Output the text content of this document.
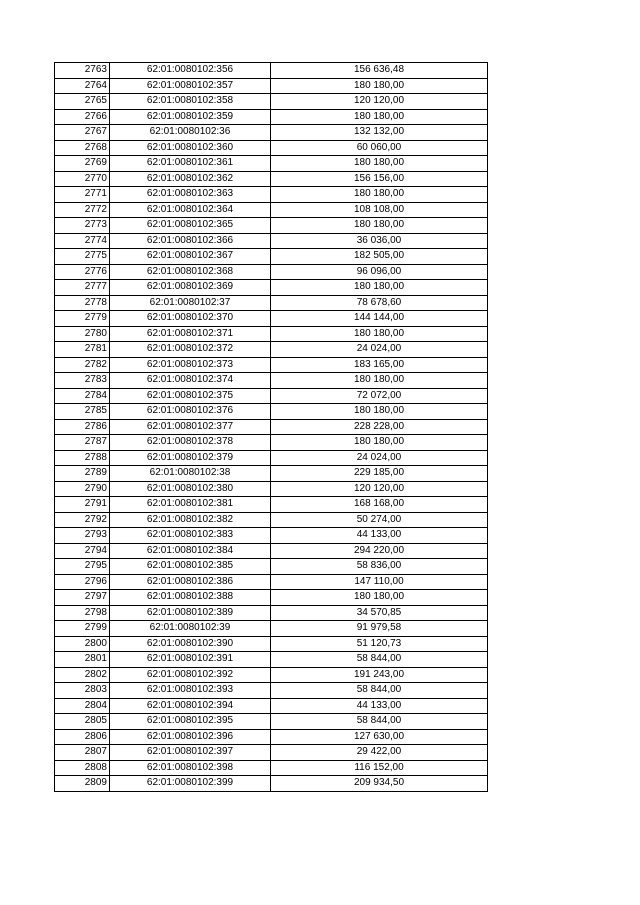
2763	62:01:0080102:356	156 636,48
2764	62:01:0080102:357	180 180,00
2765	62:01:0080102:358	120 120,00
2766	62:01:0080102:359	180 180,00
2767	62:01:0080102:36	132 132,00
2768	62:01:0080102:360	60 060,00
2769	62:01:0080102:361	180 180,00
2770	62:01:0080102:362	156 156,00
2771	62:01:0080102:363	180 180,00
2772	62:01:0080102:364	108 108,00
2773	62:01:0080102:365	180 180,00
2774	62:01:0080102:366	36 036,00
2775	62:01:0080102:367	182 505,00
2776	62:01:0080102:368	96 096,00
2777	62:01:0080102:369	180 180,00
2778	62:01:0080102:37	78 678,60
2779	62:01:0080102:370	144 144,00
2780	62:01:0080102:371	180 180,00
2781	62:01:0080102:372	24 024,00
2782	62:01:0080102:373	183 165,00
2783	62:01:0080102:374	180 180,00
2784	62:01:0080102:375	72 072,00
2785	62:01:0080102:376	180 180,00
2786	62:01:0080102:377	228 228,00
2787	62:01:0080102:378	180 180,00
2788	62:01:0080102:379	24 024,00
2789	62:01:0080102:38	229 185,00
2790	62:01:0080102:380	120 120,00
2791	62:01:0080102:381	168 168,00
2792	62:01:0080102:382	50 274,00
2793	62:01:0080102:383	44 133,00
2794	62:01:0080102:384	294 220,00
2795	62:01:0080102:385	58 836,00
2796	62:01:0080102:386	147 110,00
2797	62:01:0080102:388	180 180,00
2798	62:01:0080102:389	34 570,85
2799	62:01:0080102:39	91 979,58
2800	62:01:0080102:390	51 120,73
2801	62:01:0080102:391	58 844,00
2802	62:01:0080102:392	191 243,00
2803	62:01:0080102:393	58 844,00
2804	62:01:0080102:394	44 133,00
2805	62:01:0080102:395	58 844,00
2806	62:01:0080102:396	127 630,00
2807	62:01:0080102:397	29 422,00
2808	62:01:0080102:398	116 152,00
2809	62:01:0080102:399	209 934,50
